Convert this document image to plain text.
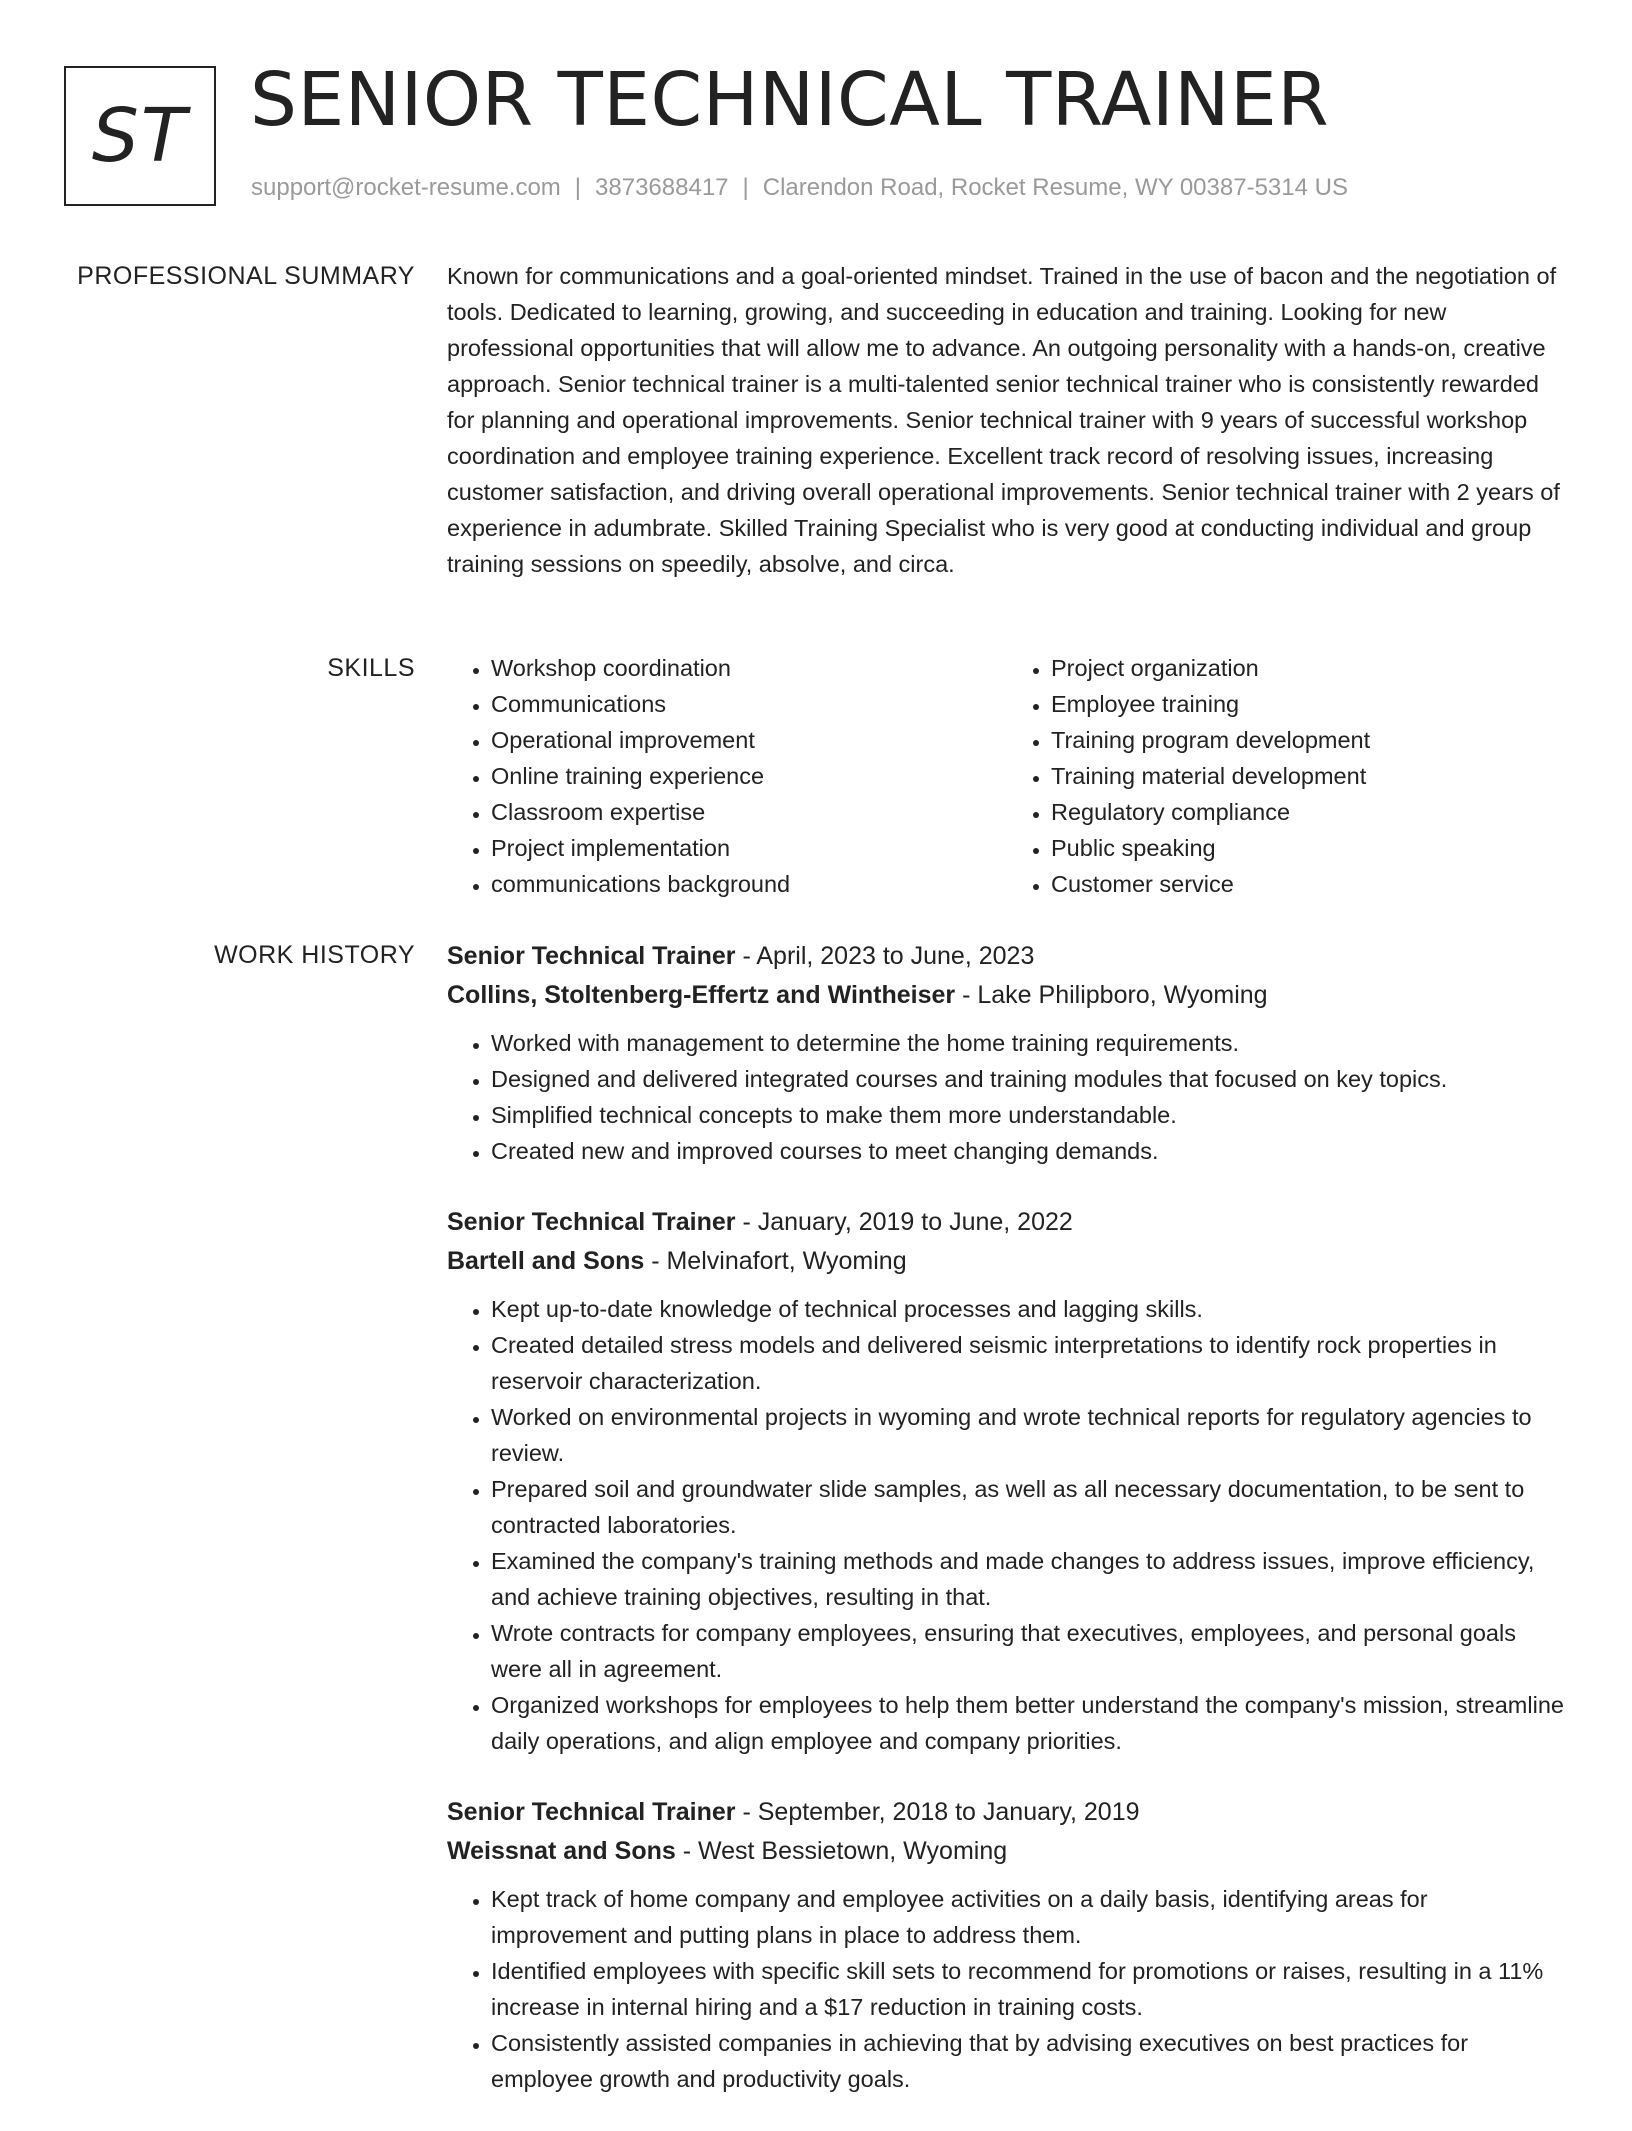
ST SENIOR TECHNICAL TRAINER
support@rocket-resume.com | 3873688417 | Clarendon Road, Rocket Resume, WY 00387-5314 US
PROFESSIONAL SUMMARY Known for communications and a goal-oriented mindset. Trained in the use of bacon and the negotiation of tools. Dedicated to learning, growing, and succeeding in education and training. Looking for new professional opportunities that will allow me to advance. An outgoing personality with a hands-on, creative approach. Senior technical trainer is a multi-talented senior technical trainer who is consistently rewarded for planning and operational improvements. Senior technical trainer with 9 years of successful workshop coordination and employee training experience. Excellent track record of resolving issues, increasing customer satisfaction, and driving overall operational improvements. Senior technical trainer with 2 years of experience in adumbrate. Skilled Training Specialist who is very good at conducting individual and group training sessions on speedily, absolve, and circa.

SKILLS
•	Workshop coordination
• Communications
• Operational improvement
• Online training experience
• Classroom expertise
• Project implementation
• communications background
• Project organization
• Employee training
• Training program development
• Training material development
• Regulatory compliance
• Public speaking
• Customer service
WORK HISTORY Senior Technical Trainer - April, 2023 to June, 2023
Collins, Stoltenberg-Effertz and Wintheiser - Lake Philipboro, Wyoming
• Worked with management to determine the home training requirements.
• Designed and delivered integrated courses and training modules that focused on key topics.
• Simplified technical concepts to make them more understandable.
• Created new and improved courses to meet changing demands.
Senior Technical Trainer - January, 2019 to June, 2022
Bartell and Sons - Melvinafort, Wyoming
• Kept up-to-date knowledge of technical processes and lagging skills.
• Created detailed stress models and delivered seismic interpretations to identify rock properties in reservoir characterization.
• Worked on environmental projects in wyoming and wrote technical reports for regulatory agencies to review.
• Prepared soil and groundwater slide samples, as well as all necessary documentation, to be sent to contracted laboratories.
• Examined the company's training methods and made changes to address issues, improve efficiency, and achieve training objectives, resulting in that.
• Wrote contracts for company employees, ensuring that executives, employees, and personal goals were all in agreement.
• Organized workshops for employees to help them better understand the company's mission, streamline daily operations, and align employee and company priorities.
Senior Technical Trainer - September, 2018 to January, 2019
Weissnat and Sons - West Bessietown, Wyoming
• Kept track of home company and employee activities on a daily basis, identifying areas for improvement and putting plans in place to address them.
• Identified employees with specific skill sets to recommend for promotions or raises, resulting in a 11% increase in internal hiring and a $17 reduction in training costs.
• Consistently assisted companies in achieving that by advising executives on best practices for employee growth and productivity goals.
